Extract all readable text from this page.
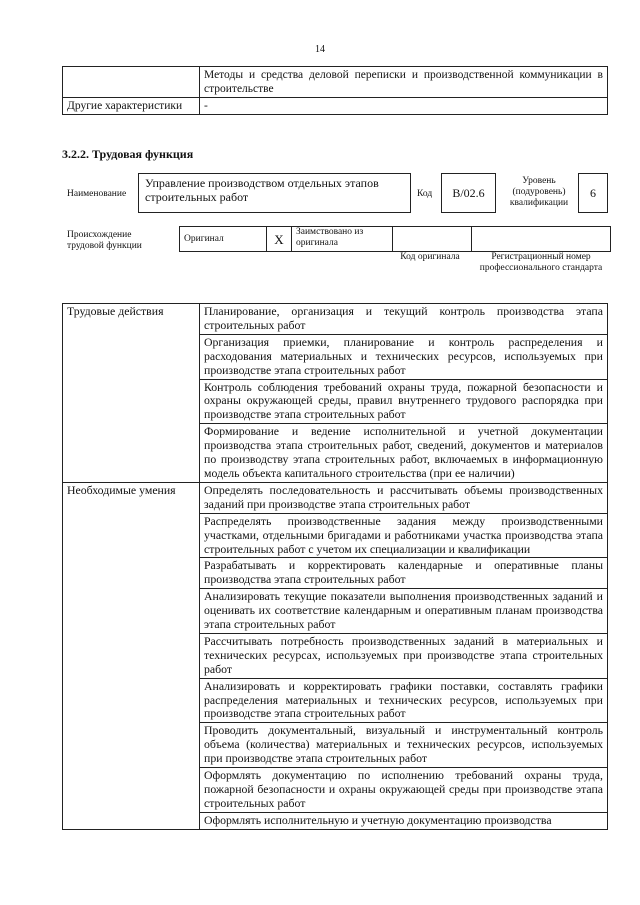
14
	Методы и средства деловой переписки и производственной коммуникации в строительстве
Другие характеристики	-
3.2.2. Трудовая функция
Наименование
Управление производством отдельных этапов строительных работ	Код	В/02.6
Уровень (подуровень) квалификации
6
Происхождение трудовой функции
Оригинал	X	Заимствовано из оригинала		
Код оригинала	Регистрационный номер профессионального стандарта
Трудовые действия	Планирование, организация и текущий контроль производства этапа строительных работ
	Организация приемки, планирование и контроль распределения и расходования материальных и технических ресурсов, используемых при производстве этапа строительных работ
	Контроль соблюдения требований охраны труда, пожарной безопасности и охраны окружающей среды, правил внутреннего трудового распорядка при производстве этапа строительных работ
	Формирование и ведение исполнительной и учетной документации производства этапа строительных работ, сведений, документов и материалов по производству этапа строительных работ, включаемых в информационную модель объекта капитального строительства (при ее наличии)
Необходимые умения	Определять последовательность и рассчитывать объемы производственных заданий при производстве этапа строительных работ
	Распределять производственные задания между производственными участками, отдельными бригадами и работниками участка производства этапа строительных работ с учетом их специализации и квалификации
	Разрабатывать и корректировать календарные и оперативные планы производства этапа строительных работ
	Анализировать текущие показатели выполнения производственных заданий и оценивать их соответствие календарным и оперативным планам производства этапа строительных работ
	Рассчитывать потребность производственных заданий в материальных и технических ресурсах, используемых при производстве этапа строительных работ
	Анализировать и корректировать графики поставки, составлять графики распределения материальных и технических ресурсов, используемых при производстве этапа строительных работ
	Проводить документальный, визуальный и инструментальный контроль объема (количества) материальных и технических ресурсов, используемых при производстве этапа строительных работ
	Оформлять документацию по исполнению требований охраны труда, пожарной безопасности и охраны окружающей среды при производстве этапа строительных работ
	Оформлять исполнительную и учетную документацию производства
